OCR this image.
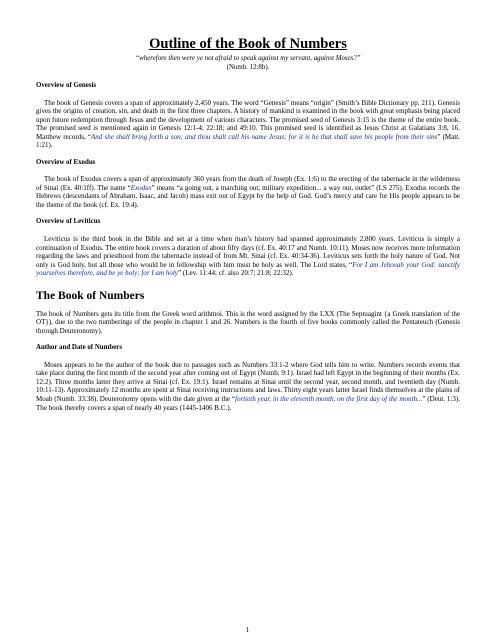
Outline of the Book of Numbers

“wherefore then were ye not afraid to speak against my servant, against Moses?”

(Numb. 12:8b).

Overview of Genesis

The book of Genesis covers a span of approximately 2,450 years. The word “Genesis” means “origin” (Smith’s Bible Dictionary pp. 211). Genesis gives the origins of creation, sin, and death in the first three chapters. A history of mankind is examined in the book with great emphasis being placed upon future redemption through Jesus and the development of various characters. The promised seed of Genesis 3:15 is the theme of the entire book. The promised seed is mentioned again in Genesis 12:1-4; 22:18; and 49:10. This promised seed is identified as Jesus Christ at Galatians 3:8, 16. Matthew records, “And she shall bring forth a son; and thou shalt call his name Jesus; for it is he that shall save his people from their sins” (Matt. 1:21).

Overview of Exodus

The book of Exodus covers a span of approximately 360 years from the death of Joseph (Ex. 1:6) to the erecting of the tabernacle in the wilderness of Sinai (Ex. 40:1ff). The name “Exodus” means “a going out, a marching out, military expedition... a way out, outlet” (LS 275). Exodus records the Hebrews (descendants of Abraham, Isaac, and Jacob) mass exit out of Egypt by the help of God. God’s mercy and care for His people appears to be the theme of the book (cf. Ex. 19:4).

Overview of Leviticus

Leviticus is the third book in the Bible and set at a time when man’s history had spanned approximately 2,800 years. Leviticus is simply a continuation of Exodus. The entire book covers a duration of about fifty days (cf. Ex. 40:17 and Numb. 10:11). Moses now receives more information regarding the laws and priesthood from the tabernacle instead of from Mt. Sinai (cf. Ex. 40:34-36). Leviticus sets forth the holy nature of God. Not only is God holy, but all those who would be in fellowship with him must be holy as well. The Lord states, “For I am Jehovah your God: sanctify yourselves therefore, and be ye holy; for I am holy” (Lev. 11:44; cf. also 20:7; 21:8; 22:32).

The Book of Numbers

The book of Numbers gets its title from the Greek word arithmoi. This is the word assigned by the LXX (The Septuagint {a Greek translation of the OT}), due to the two numberings of the people in chapter 1 and 26. Numbers is the fourth of five books commonly called the Pentateuch (Genesis through Deuteronomy).

Author and Date of Numbers

Moses appears to be the author of the book due to passages such as Numbers 33:1-2 where God tells him to write. Numbers records events that take place during the first month of the second year after coming out of Egypt (Numb. 9:1). Israel had left Egypt in the beginning of their months (Ex. 12:2). Three months latter they arrive at Sinai (cf. Ex. 19:1). Israel remains at Sinai until the second year, second month, and twentieth day (Numb. 10:11-13). Approximately 12 months are spent at Sinai receiving instructions and laws. Thirty eight years latter Israel finds themselves at the plains of Moab (Numb. 33:38). Deuteronomy opens with the date given at the “fortieth year, in the eleventh month, on the first day of the month...” (Deut. 1:3). The book thereby covers a span of nearly 40 years (1445-1406 B.C.).

1
